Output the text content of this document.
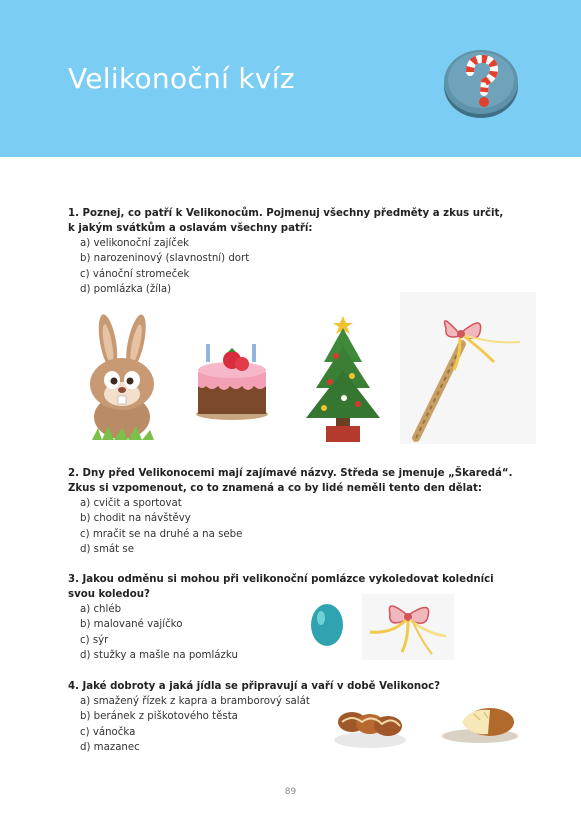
Velikonoční kvíz
1. Poznej, co patří k Velikonocům. Pojmenuj všechny předměty a zkus určit, k jakým svátkům a oslavám všechny patří:
a) velikonoční zajíček
b) narozeninový (slavnostní) dort
c) vánoční stromeček
d) pomlázka (žíla)
2. Dny před Velikonocemi mají zajímavé názvy. Středa se jmenuje „Škaredá“. Zkus si vzpomenout, co to znamená a co by lidé neměli tento den dělat:
a) cvičit a sportovat
b) chodit na návštěvy
c) mračit se na druhé a na sebe
d) smát se
3. Jakou odměnu si mohou při velikonoční pomlázce vykoledovat koledníci svou koledou?
a) chléb
b) malované vajíčko
c) sýr
d) stužky a mašle na pomlázku
4. Jaké dobroty a jaká jídla se připravují a vaří v době Velikonoc?
a) smažený řízek z kapra a bramborový salát
b) beránek z piškotového těsta
c) vánočka
d) mazanec
89
